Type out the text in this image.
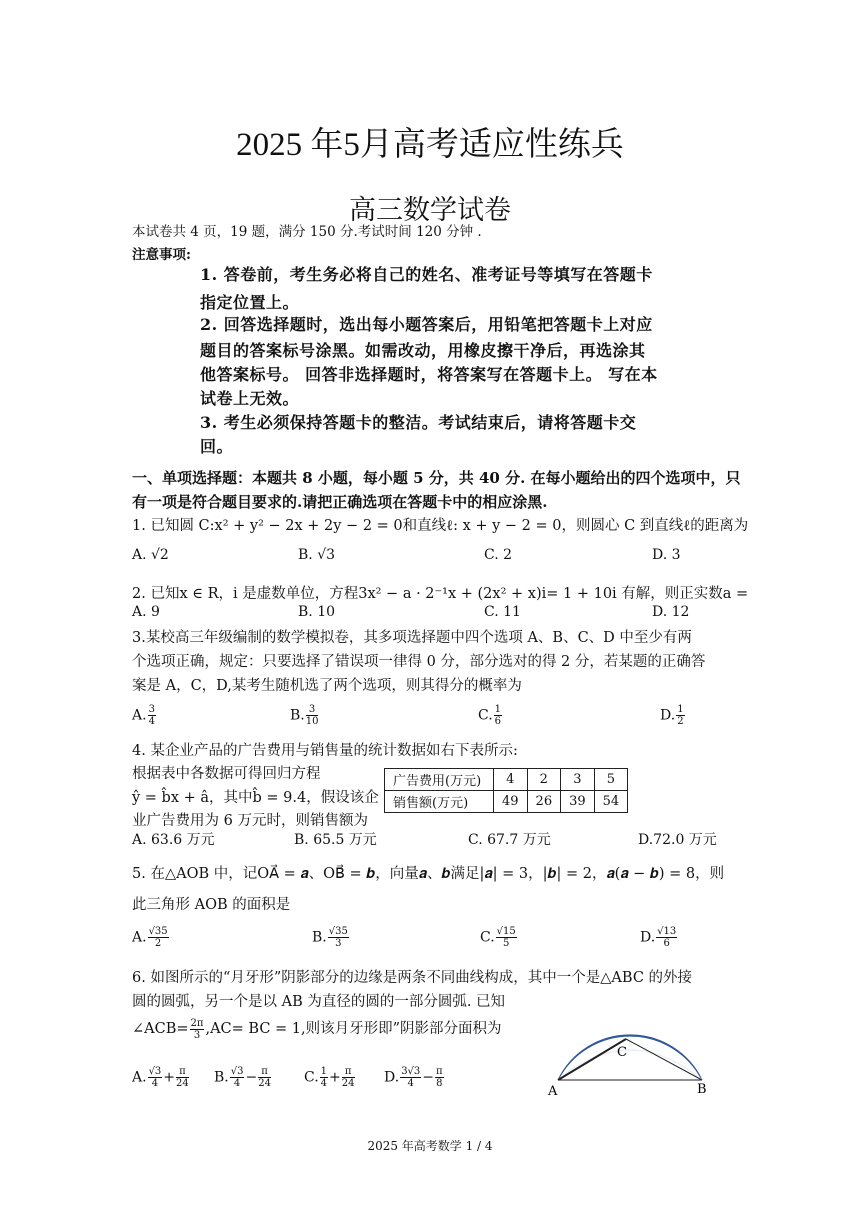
2025 年5月高考适应性练兵
高三数学试卷
本试卷共 4 页，19 题，满分 150 分.考试时间 120 分钟 .
注意事项:
1. 答卷前，考生务必将自己的姓名、准考证号等填写在答题卡
指定位置上。
2. 回答选择题时，选出每小题答案后，用铅笔把答题卡上对应
题目的答案标号涂黑。如需改动，用橡皮擦干净后，再选涂其
他答案标号。 回答非选择题时，将答案写在答题卡上。 写在本
试卷上无效。
3. 考生必须保持答题卡的整洁。考试结束后，请将答题卡交
回。
一、单项选择题：本题共 8 小题，每小题 5 分，共 40 分. 在每小题给出的四个选项中，只
有一项是符合题目要求的.请把正确选项在答题卡中的相应涂黑.
1. 已知圆 C:x² + y² − 2x + 2y − 2 = 0和直线ℓ: x + y − 2 = 0，则圆心 C 到直线ℓ的距离为
A. √2	B. √3	C. 2	D. 3
2. 已知x ∈ R，i 是虚数单位，方程3x² − a · 2⁻¹x + (2x² + x)i= 1 + 10i 有解，则正实数a =
A. 9	B. 10	C. 11	D. 12
3.某校高三年级编制的数学模拟卷，其多项选择题中四个选项 A、B、C、D 中至少有两
个选项正确，规定：只要选择了错误项一律得 0 分，部分选对的得 2 分，若某题的正确答
案是 A，C，D,某考生随机选了两个选项，则其得分的概率为
A. $\frac{3}{4}$	B. $\frac{3}{10}$	C. $\frac{1}{6}$	D. $\frac{1}{2}$
4. 某企业产品的广告费用与销售量的统计数据如右下表所示:
根据表中各数据可得回归方程
ŷ = b̂x + â，其中b̂ = 9.4，假设该企
业广告费用为 6 万元时，则销售额为
广告费用(万元)	4	2	3	5
销售额(万元)	49	26	39	54
A. 63.6 万元	B. 65.5 万元	C. 67.7 万元	D.72.0 万元
5. 在△AOB 中，记OA⃗ = 𝒂、OB⃗ = 𝒃，向量𝒂、𝒃满足|𝒂| = 3，|𝒃| = 2，𝒂(𝒂 − 𝒃) = 8，则
此三角形 AOB 的面积是
A. $\frac{√35}{2}$	B. $\frac{√35}{3}$	C. $\frac{√15}{5}$	D. $\frac{√13}{6}$
6. 如图所示的“月牙形”阴影部分的边缘是两条不同曲线构成，其中一个是△ABC 的外接
圆的圆弧，另一个是以 AB 为直径的圆的一部分圆弧. 已知
∠ACB= $\frac{2\pi}{3} ,AC=$ BC = 1,则该月牙形即”阴影部分面积为
A. $\frac{√3}{4} + \frac{\pi}{24} B$. $\frac{√3}{4} - \frac{\pi}{24} C$. $\frac{1}{4} + \frac{\pi}{24} D$. $\frac{3√3}{4} - \frac{\pi}{8}$
A	B
C
2025 年高考数学 1 / 4
